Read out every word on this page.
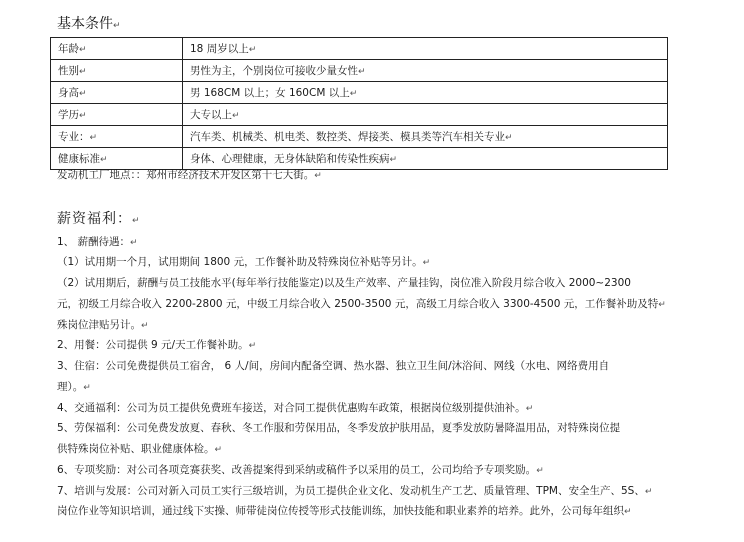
基本条件↵
年龄↵	18 周岁以上↵
性别↵	男性为主，个别岗位可接收少量女性↵
身高↵	男 168CM 以上；女 160CM 以上↵
学历↵	大专以上↵
专业：↵	汽车类、机械类、机电类、数控类、焊接类、模具类等汽车相关专业↵
健康标准↵	身体、心理健康，无身体缺陷和传染性疾病↵
发动机工厂地点：：郑州市经济技术开发区第十七大街。↵
薪资福利：↵
1、 薪酬待遇：↵
（1）试用期一个月，试用期间 1800 元，工作餐补助及特殊岗位补贴等另计。↵
（2）试用期后，薪酬与员工技能水平(每年举行技能鉴定)以及生产效率、产量挂钩，岗位准入阶段月综合收入 2000~2300
元，初级工月综合收入 2200-2800 元，中级工月综合收入 2500-3500 元，高级工月综合收入 3300-4500 元，工作餐补助及特↵
殊岗位津贴另计。↵
2、用餐：公司提供 9 元/天工作餐补助。↵
3、住宿：公司免费提供员工宿舍， 6 人/间，房间内配备空调、热水器、独立卫生间/沐浴间、网线（水电、网络费用自
理）。↵
4、交通福利：公司为员工提供免费班车接送，对合同工提供优惠购车政策，根据岗位级别提供油补。↵
5、劳保福利：公司免费发放夏、春秋、冬工作服和劳保用品，冬季发放护肤用品，夏季发放防暑降温用品，对特殊岗位提
供特殊岗位补贴、职业健康体检。↵
6、专项奖励：对公司各项竞赛获奖、改善提案得到采纳或稿件予以采用的员工，公司均给予专项奖励。↵
7、培训与发展：公司对新入司员工实行三级培训，为员工提供企业文化、发动机生产工艺、质量管理、TPM、安全生产、5S、↵
岗位作业等知识培训，通过线下实操、师带徒岗位传授等形式技能训练，加快技能和职业素养的培养。此外，公司每年组织↵
